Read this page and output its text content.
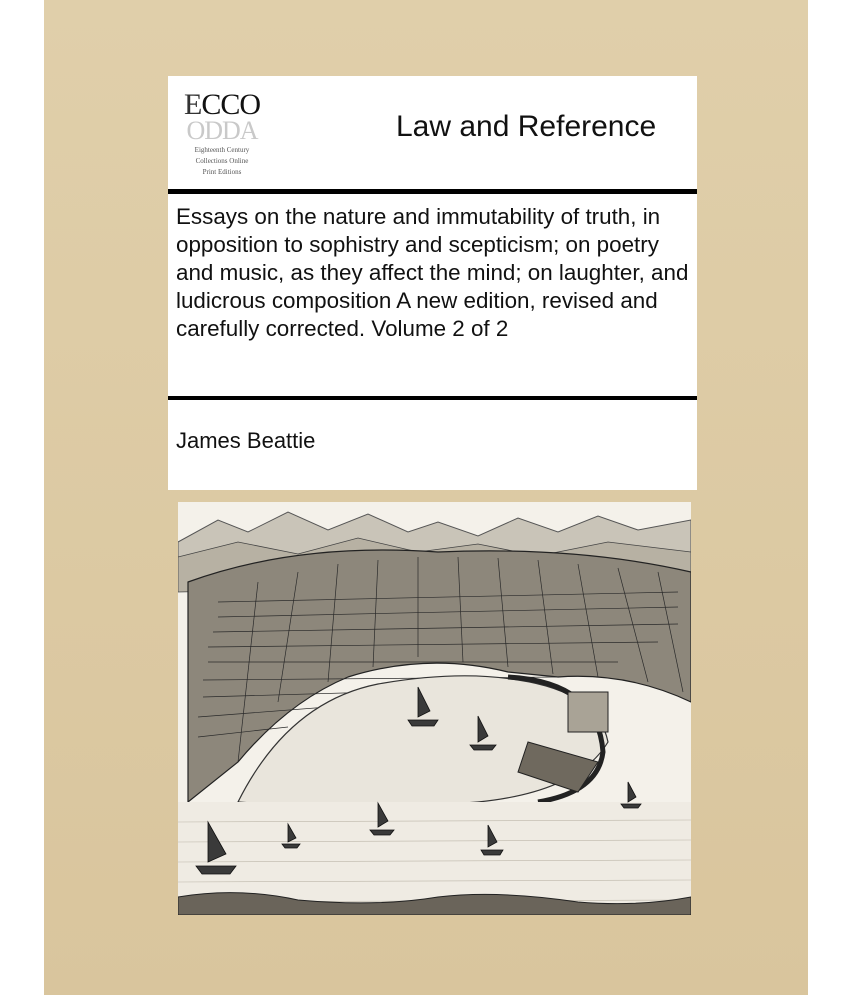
ECCO
ODDA
Eighteenth Century
Collections Online
Print Editions
Law and Reference
Essays on the nature and immutability of truth, in opposition to sophistry and scepticism; on poetry and music, as they affect the mind; on laughter, and ludicrous composition A new edition, revised and carefully corrected. Volume 2 of 2
James Beattie
